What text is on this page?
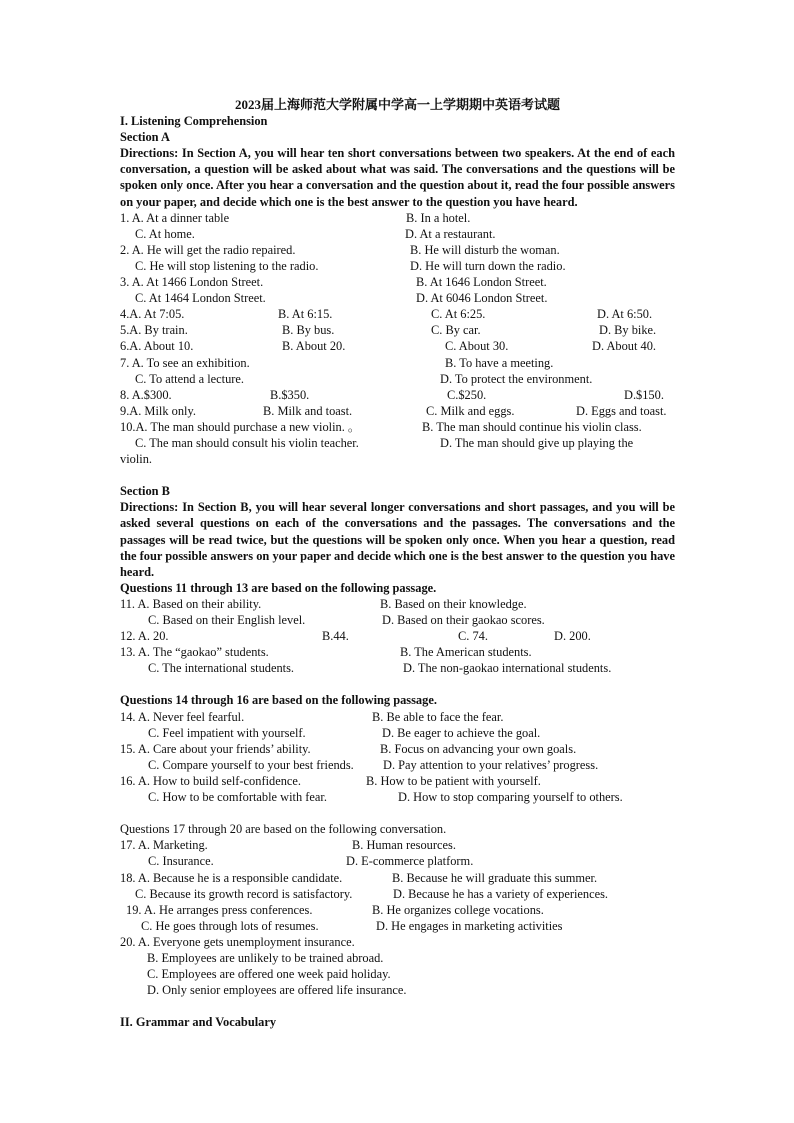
2023届上海师范大学附属中学高一上学期期中英语考试题

I. Listening Comprehension
Section A
Directions: In Section A, you will hear ten short conversations between two speakers. At the end of each conversation, a question will be asked about what was said. The conversations and the questions will be spoken only once. After you hear a conversation and the question about it, read the four possible answers on your paper, and decide which one is the best answer to the question you have heard.
1. A. At a dinner table	B. In a hotel.
C. At home.	D. At a restaurant.
2. A. He will get the radio repaired.	B. He will disturb the woman.
C. He will stop listening to the radio.	D. He will turn down the radio.
3. A. At 1466 London Street.	B. At 1646 London Street.
C. At 1464 London Street.	D. At 6046 London Street.
4.A. At 7:05.	B. At 6:15.	C. At 6:25.	D. At 6:50.
5.A. By train.	B. By bus.	C. By car.	D. By bike.
6.A. About 10.	B. About 20.	C. About 30.	D. About 40.
7. A. To see an exhibition.	B. To have a meeting.
C. To attend a lecture.	D. To protect the environment.
8. A.$300.	B.$350.	C.$250.	D.$150.
9.A. Milk only.	B. Milk and toast.	C. Milk and eggs.	D. Eggs and toast.
10.A. The man should purchase a new violin. 。	B. The man should continue his violin class.
C. The man should consult his violin teacher.	D. The man should give up playing the
violin.
Section B
Directions: In Section B, you will hear several longer conversations and short passages, and you will be asked several questions on each of the conversations and the passages. The conversations and the passages will be read twice, but the questions will be spoken only once. When you hear a question, read the four possible answers on your paper and decide which one is the best answer to the question you have heard.
Questions 11 through 13 are based on the following passage.
11. A. Based on their ability.	B. Based on their knowledge.
C. Based on their English level.	D. Based on their gaokao scores.
12. A. 20.	B.44.	C. 74.	D. 200.
13. A. The “gaokao” students.	B. The American students.
C. The international students.	D. The non-gaokao international students.
Questions 14 through 16 are based on the following passage.
14. A. Never feel fearful.	B. Be able to face the fear.
C. Feel impatient with yourself.	D. Be eager to achieve the goal.
15. A. Care about your friends’ ability.	B. Focus on advancing your own goals.
C. Compare yourself to your best friends. D. Pay attention to your relatives’ progress.
16. A. How to build self-confidence.	B. How to be patient with yourself.
C. How to be comfortable with fear.	D. How to stop comparing yourself to others.
Questions 17 through 20 are based on the following conversation.
17. A. Marketing.	B. Human resources.
C. Insurance.	D. E-commerce platform.
18. A. Because he is a responsible candidate.	B. Because he will graduate this summer.
C. Because its growth record is satisfactory.	D. Because he has a variety of experiences.
19. A. He arranges press conferences.	B. He organizes college vocations.
C. He goes through lots of resumes.	D. He engages in marketing activities
20. A. Everyone gets unemployment insurance.
B. Employees are unlikely to be trained abroad.
C. Employees are offered one week paid holiday.
D. Only senior employees are offered life insurance.
II. Grammar and Vocabulary
